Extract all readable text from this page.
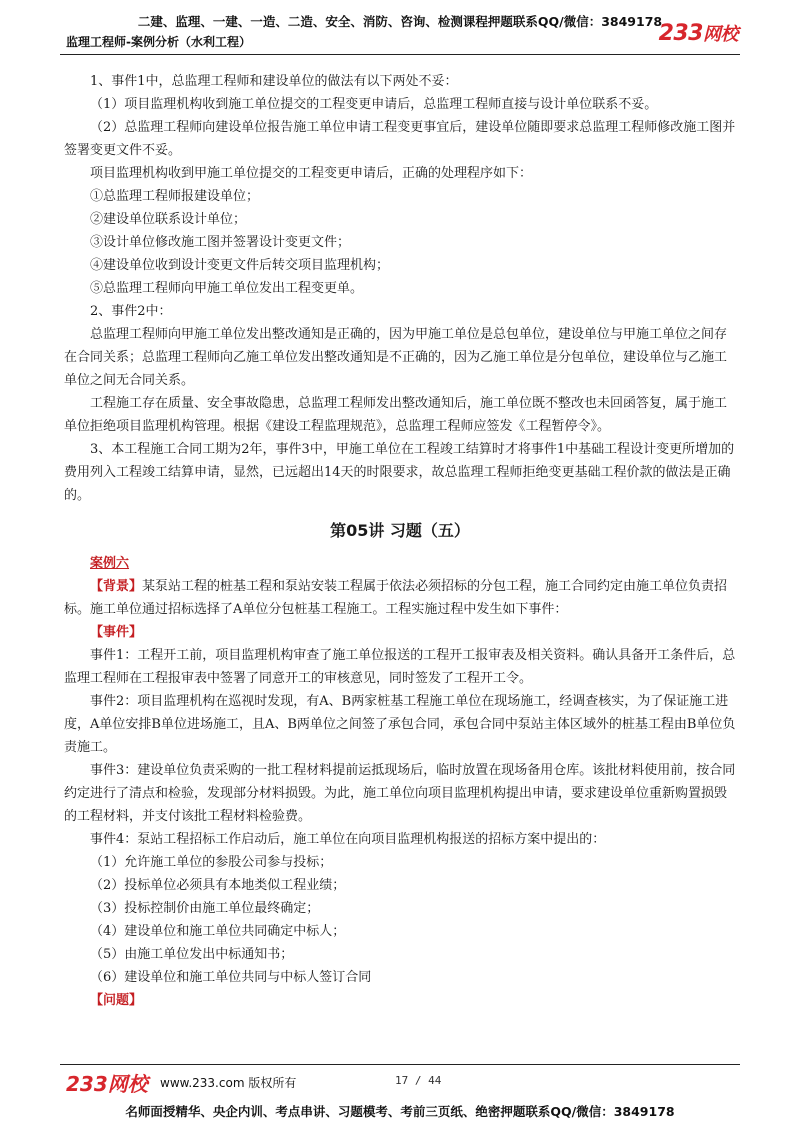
二建、监理、一建、一造、二造、安全、消防、咨询、检测课程押题联系QQ/微信：3849178
监理工程师-案例分析（水利工程）	233网校

1、事件1中，总监理工程师和建设单位的做法有以下两处不妥：

（1）项目监理机构收到施工单位提交的工程变更申请后，总监理工程师直接与设计单位联系不妥。

（2）总监理工程师向建设单位报告施工单位申请工程变更事宜后，建设单位随即要求总监理工程师修改施工图并签署变更文件不妥。

项目监理机构收到甲施工单位提交的工程变更申请后，正确的处理程序如下：

①总监理工程师报建设单位；

②建设单位联系设计单位；

③设计单位修改施工图并签署设计变更文件；

④建设单位收到设计变更文件后转交项目监理机构；

⑤总监理工程师向甲施工单位发出工程变更单。

2、事件2中：

总监理工程师向甲施工单位发出整改通知是正确的，因为甲施工单位是总包单位，建设单位与甲施工单位之间存在合同关系；总监理工程师向乙施工单位发出整改通知是不正确的，因为乙施工单位是分包单位，建设单位与乙施工单位之间无合同关系。

工程施工存在质量、安全事故隐患，总监理工程师发出整改通知后，施工单位既不整改也未回函答复，属于施工单位拒绝项目监理机构管理。根据《建设工程监理规范》，总监理工程师应签发《工程暂停令》。

3、本工程施工合同工期为2年，事件3中，甲施工单位在工程竣工结算时才将事件1中基础工程设计变更所增加的费用列入工程竣工结算申请，显然，已远超出14天的时限要求，故总监理工程师拒绝变更基础工程价款的做法是正确的。

第05讲 习题（五）

案例六

【背景】某泵站工程的桩基工程和泵站安装工程属于依法必须招标的分包工程，施工合同约定由施工单位负责招标。施工单位通过招标选择了A单位分包桩基工程施工。工程实施过程中发生如下事件：

【事件】

事件1：工程开工前，项目监理机构审查了施工单位报送的工程开工报审表及相关资料。确认具备开工条件后，总监理工程师在工程报审表中签署了同意开工的审核意见，同时签发了工程开工令。

事件2：项目监理机构在巡视时发现，有A、B两家桩基工程施工单位在现场施工，经调查核实，为了保证施工进度，A单位安排B单位进场施工，且A、B两单位之间签了承包合同，承包合同中泵站主体区域外的桩基工程由B单位负责施工。

事件3：建设单位负责采购的一批工程材料提前运抵现场后，临时放置在现场备用仓库。该批材料使用前，按合同约定进行了清点和检验，发现部分材料损毁。为此，施工单位向项目监理机构提出申请，要求建设单位重新购置损毁的工程材料，并支付该批工程材料检验费。

事件4：泵站工程招标工作启动后，施工单位在向项目监理机构报送的招标方案中提出的：

（1）允许施工单位的参股公司参与投标；

（2）投标单位必须具有本地类似工程业绩；

（3）投标控制价由施工单位最终确定；

（4）建设单位和施工单位共同确定中标人；

（5）由施工单位发出中标通知书；

（6）建设单位和施工单位共同与中标人签订合同

【问题】

233网校 www.233.com 版权所有	17 / 44
名师面授精华、央企内训、考点串讲、习题模考、考前三页纸、绝密押题联系QQ/微信：3849178
